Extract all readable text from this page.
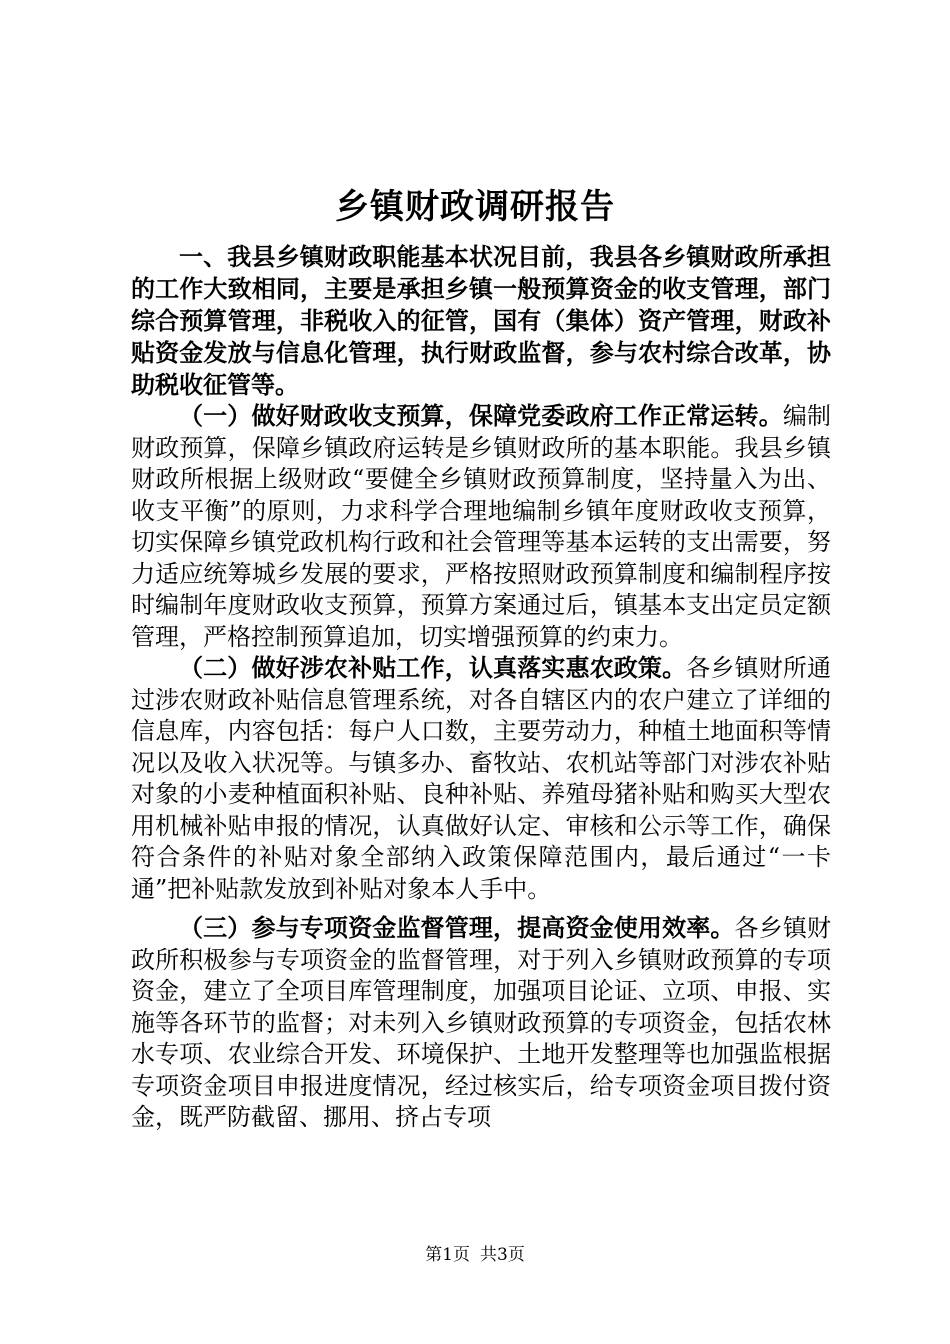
乡镇财政调研报告

一、我县乡镇财政职能基本状况目前，我县各乡镇财政所承担的工作大致相同，主要是承担乡镇一般预算资金的收支管理，部门综合预算管理，非税收入的征管，国有（集体）资产管理，财政补贴资金发放与信息化管理，执行财政监督，参与农村综合改革，协助税收征管等。

（一）做好财政收支预算，保障党委政府工作正常运转。编制财政预算，保障乡镇政府运转是乡镇财政所的基本职能。我县乡镇财政所根据上级财政“要健全乡镇财政预算制度，坚持量入为出、收支平衡”的原则，力求科学合理地编制乡镇年度财政收支预算，切实保障乡镇党政机构行政和社会管理等基本运转的支出需要，努力适应统筹城乡发展的要求，严格按照财政预算制度和编制程序按时编制年度财政收支预算，预算方案通过后，镇基本支出定员定额管理，严格控制预算追加，切实增强预算的约束力。

（二）做好涉农补贴工作，认真落实惠农政策。各乡镇财所通过涉农财政补贴信息管理系统，对各自辖区内的农户建立了详细的信息库，内容包括：每户人口数，主要劳动力，种植土地面积等情况以及收入状况等。与镇多办、畜牧站、农机站等部门对涉农补贴对象的小麦种植面积补贴、良种补贴、养殖母猪补贴和购买大型农用机械补贴申报的情况，认真做好认定、审核和公示等工作，确保符合条件的补贴对象全部纳入政策保障范围内，最后通过“一卡通”把补贴款发放到补贴对象本人手中。

（三）参与专项资金监督管理，提高资金使用效率。各乡镇财政所积极参与专项资金的监督管理，对于列入乡镇财政预算的专项资金，建立了全项目库管理制度，加强项目论证、立项、申报、实施等各环节的监督；对未列入乡镇财政预算的专项资金，包括农林水专项、农业综合开发、环境保护、土地开发整理等也加强监根据专项资金项目申报进度情况，经过核实后，给专项资金项目拨付资金，既严防截留、挪用、挤占专项

第1页 共3页
